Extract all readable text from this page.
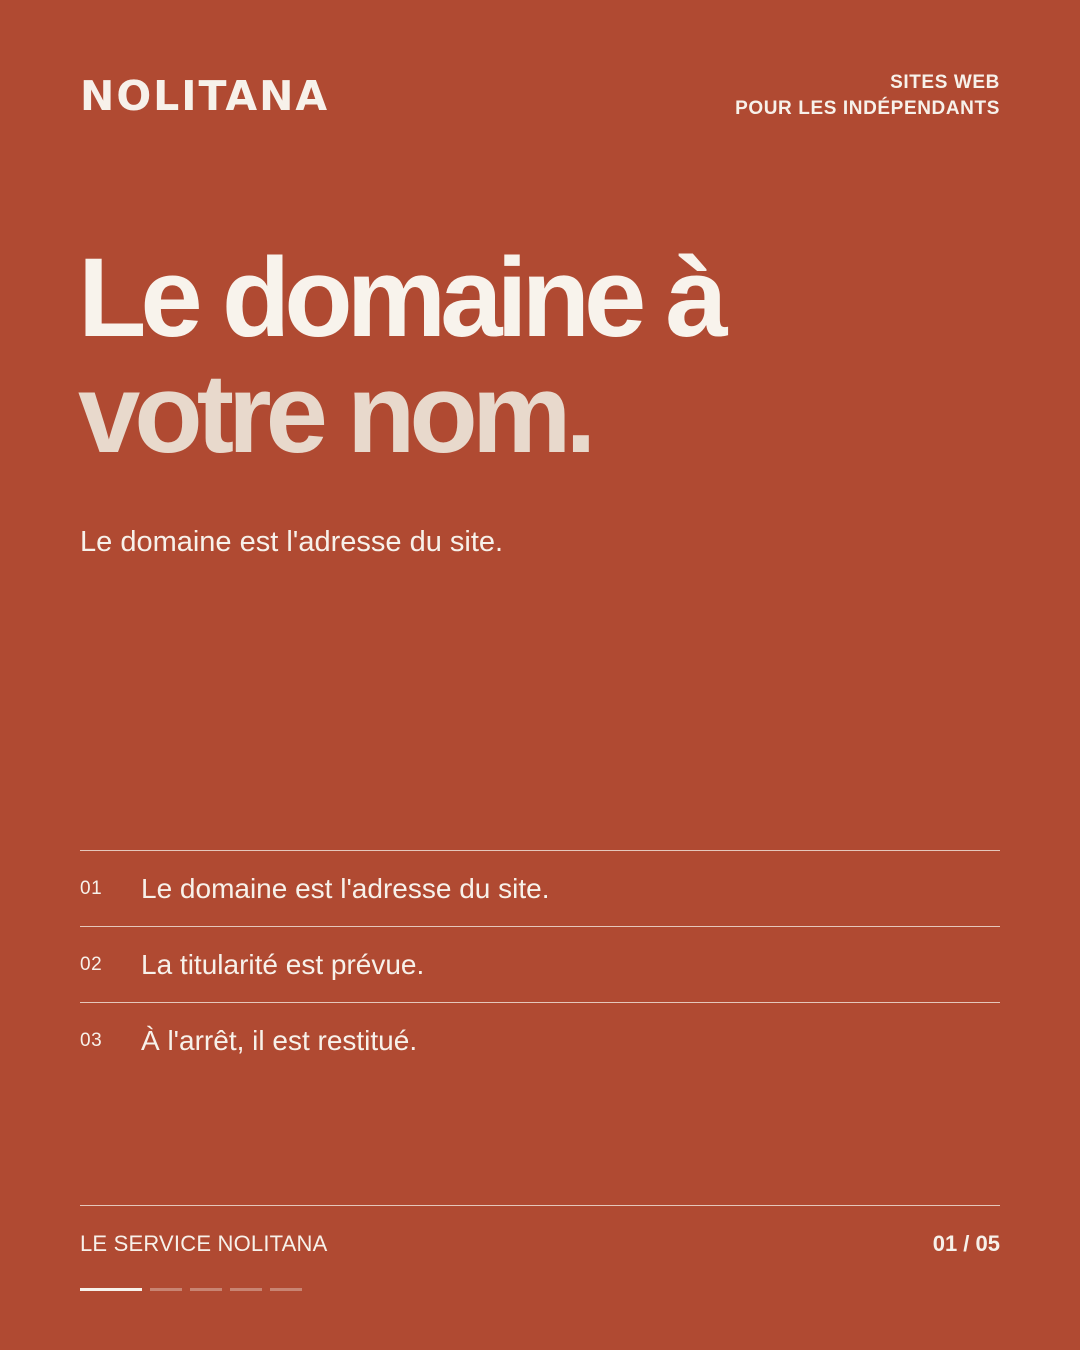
NOLITANA	SITES WEB
POUR LES INDÉPENDANTS
Le domaine à
votre nom.
Le domaine est l'adresse du site.
01	Le domaine est l'adresse du site.
02	La titularité est prévue.
03	À l'arrêt, il est restitué.
LE SERVICE NOLITANA	01 / 05
